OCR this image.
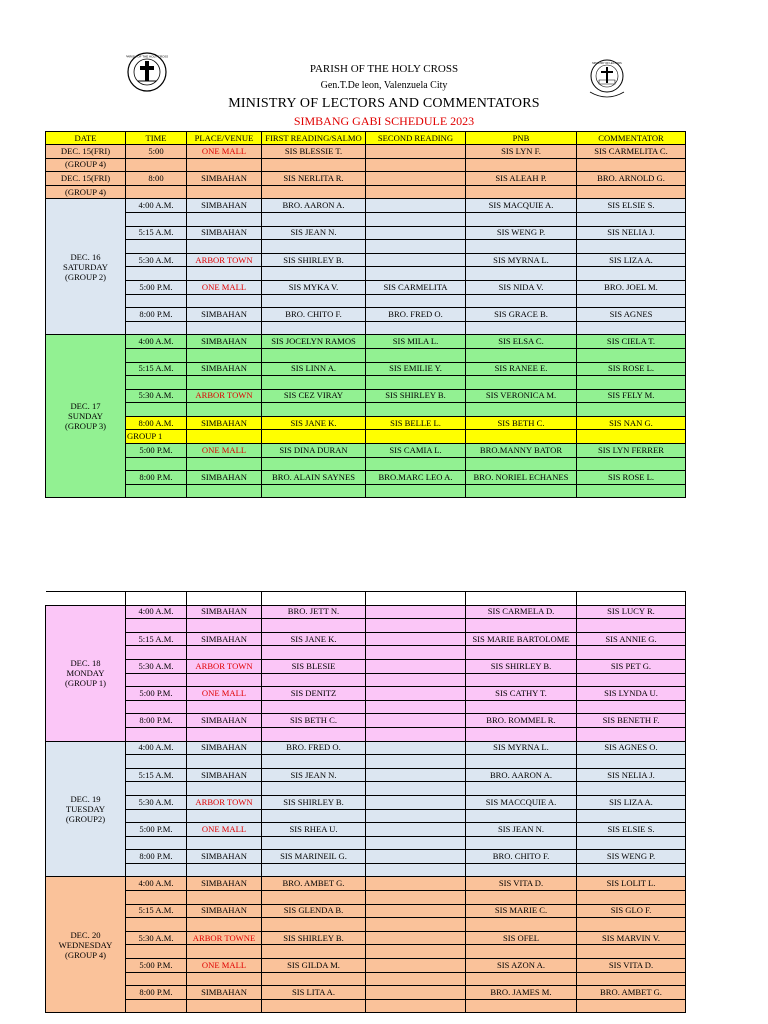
PARISH OF THE HOLY CROSS
MINISTRY OF LECTORS
PARISH OF THE HOLY CROSS
Gen.T.De leon, Valenzuela City
MINISTRY OF LECTORS AND COMMENTATORS
SIMBANG GABI SCHEDULE 2023
DATE	TIME	PLACE/VENUE	FIRST READING/SALMO	SECOND READING	PNB	COMMENTATOR
DEC. 15(FRI)	5:00	ONE MALL	SIS BLESSIE T.		SIS LYN F.	SIS CARMELITA C.
(GROUP 4)						
DEC. 15(FRI)	8:00	SIMBAHAN	SIS NERLITA R.		SIS ALEAH P.	BRO. ARNOLD G.
(GROUP 4)						
DEC. 16
SATURDAY
(GROUP 2)	4:00 A.M.	SIMBAHAN	BRO. AARON A.		SIS MACQUIE A.	SIS ELSIE S.

	5:15 A.M.	SIMBAHAN	SIS JEAN N.		SIS WENG P.	SIS NELIA J.

	5:30 A.M.	ARBOR TOWN	SIS SHIRLEY B.		SIS MYRNA L.	SIS LIZA A.

	5:00 P.M.	ONE MALL	SIS MYKA V.	SIS CARMELITA	SIS NIDA V.	BRO. JOEL M.

	8:00 P.M.	SIMBAHAN	BRO. CHITO F.	BRO. FRED O.	SIS GRACE B.	SIS AGNES

DEC. 17
SUNDAY
(GROUP 3)	4:00 A.M.	SIMBAHAN	SIS JOCELYN RAMOS	SIS MILA L.	SIS ELSA C.	SIS CIELA T.

	5:15 A.M.	SIMBAHAN	SIS LINN A.	SIS EMILIE Y.	SIS RANEE E.	SIS ROSE L.

	5:30 A.M.	ARBOR TOWN	SIS CEZ VIRAY	SIS SHIRLEY B.	SIS VERONICA M.	SIS FELY M.

	8:00 A.M.	SIMBAHAN	SIS JANE K.	SIS BELLE L.	SIS BETH C.	SIS NAN G.
	GROUP 1					
	5:00 P.M.	ONE MALL	SIS DINA DURAN	SIS CAMIA L.	BRO.MANNY BATOR	SIS LYN FERRER

	8:00 P.M.	SIMBAHAN	BRO. ALAIN SAYNES	BRO.MARC LEO A.	BRO. NORIEL ECHANES	SIS ROSE L.

DEC. 18
MONDAY
(GROUP 1)	4:00 A.M.	SIMBAHAN	BRO. JETT N.		SIS CARMELA D.	SIS LUCY R.

	5:15 A.M.	SIMBAHAN	SIS JANE K.		SIS MARIE BARTOLOME	SIS ANNIE G.

	5:30 A.M.	ARBOR TOWN	SIS BLESIE		SIS SHIRLEY B.	SIS PET G.

	5:00 P.M.	ONE MALL	SIS DENITZ		SIS CATHY T.	SIS LYNDA U.

	8:00 P.M.	SIMBAHAN	SIS BETH C.		BRO. ROMMEL R.	SIS BENETH F.

DEC. 19
TUESDAY
(GROUP2)	4:00 A.M.	SIMBAHAN	BRO. FRED O.		SIS MYRNA L.	SIS AGNES O.

	5:15 A.M.	SIMBAHAN	SIS JEAN N.		BRO. AARON A.	SIS NELIA J.

	5:30 A.M.	ARBOR TOWN	SIS SHIRLEY B.		SIS MACCQUIE A.	SIS LIZA A.

	5:00 P.M.	ONE MALL	SIS RHEA U.		SIS JEAN N.	SIS ELSIE S.

	8:00 P.M.	SIMBAHAN	SIS MARINEIL G.		BRO. CHITO F.	SIS WENG P.

DEC. 20
WEDNESDAY
(GROUP 4)	4:00 A.M.	SIMBAHAN	BRO. AMBET G.		SIS VITA D.	SIS LOLIT L.

	5:15 A.M.	SIMBAHAN	SIS GLENDA B.		SIS MARIE C.	SIS GLO F.

	5:30 A.M.	ARBOR TOWNE	SIS SHIRLEY B.		SIS OFEL	SIS MARVIN V.

	5:00 P.M.	ONE MALL	SIS GILDA M.		SIS AZON A.	SIS VITA D.

	8:00 P.M.	SIMBAHAN	SIS LITA A.		BRO. JAMES M.	BRO. AMBET G.
